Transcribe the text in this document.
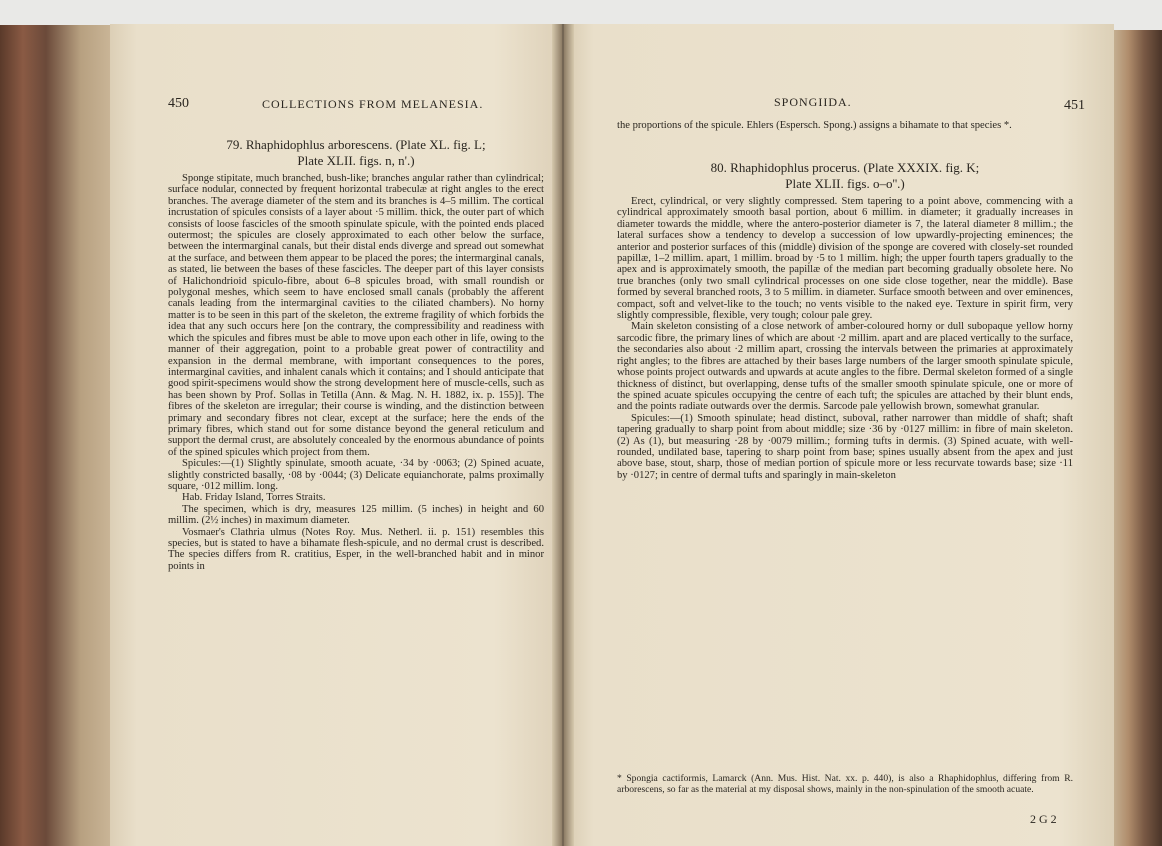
450	COLLECTIONS FROM MELANESIA.
79. Rhaphidophlus arborescens. (Plate XL. fig. L;
Plate XLII. figs. n, n'.)

Sponge stipitate, much branched, bush-like; branches angular rather than cylindrical; surface nodular, connected by frequent horizontal trabeculæ at right angles to the erect branches. The average diameter of the stem and its branches is 4–5 millim. The cortical incrustation of spicules consists of a layer about ·5 millim. thick, the outer part of which consists of loose fascicles of the smooth spinulate spicule, with the pointed ends placed outermost; the spicules are closely approximated to each other below the surface, between the intermarginal canals, but their distal ends diverge and spread out somewhat at the surface, and between them appear to be placed the pores; the intermarginal canals, as stated, lie between the bases of these fascicles. The deeper part of this layer consists of Halichondrioid spiculo-fibre, about 6–8 spicules broad, with small roundish or polygonal meshes, which seem to have enclosed small canals (probably the afferent canals leading from the intermarginal cavities to the ciliated chambers). No horny matter is to be seen in this part of the skeleton, the extreme fragility of which forbids the idea that any such occurs here [on the contrary, the compressibility and readiness with which the spicules and fibres must be able to move upon each other in life, owing to the manner of their aggregation, point to a probable great power of contractility and expansion in the dermal membrane, with important consequences to the pores, intermarginal cavities, and inhalent canals which it contains; and I should anticipate that good spirit-specimens would show the strong development here of muscle-cells, such as has been shown by Prof. Sollas in Tetilla (Ann. & Mag. N. H. 1882, ix. p. 155)]. The fibres of the skeleton are irregular; their course is winding, and the distinction between primary and secondary fibres not clear, except at the surface; here the ends of the primary fibres, which stand out for some distance beyond the general reticulum and support the dermal crust, are absolutely concealed by the enormous abundance of points of the spined spicules which project from them.

Spicules:—(1) Slightly spinulate, smooth acuate, ·34 by ·0063; (2) Spined acuate, slightly constricted basally, ·08 by ·0044; (3) Delicate equianchorate, palms proximally square, ·012 millim. long.

Hab. Friday Island, Torres Straits.

The specimen, which is dry, measures 125 millim. (5 inches) in height and 60 millim. (2½ inches) in maximum diameter.

Vosmaer's Clathria ulmus (Notes Roy. Mus. Netherl. ii. p. 151) resembles this species, but is stated to have a bihamate flesh-spicule, and no dermal crust is described. The species differs from R. cratitius, Esper, in the well-branched habit and in minor points in

SPONGIIDA.	451

the proportions of the spicule. Ehlers (Espersch. Spong.) assigns a bihamate to that species *.

80. Rhaphidophlus procerus. (Plate XXXIX. fig. K;
Plate XLII. figs. o–o''.)

Erect, cylindrical, or very slightly compressed. Stem tapering to a point above, commencing with a cylindrical approximately smooth basal portion, about 6 millim. in diameter; it gradually increases in diameter towards the middle, where the antero-posterior diameter is 7, the lateral diameter 8 millim.; the lateral surfaces show a tendency to develop a succession of low upwardly-projecting eminences; the anterior and posterior surfaces of this (middle) division of the sponge are covered with closely-set rounded papillæ, 1–2 millim. apart, 1 millim. broad by ·5 to 1 millim. high; the upper fourth tapers gradually to the apex and is approximately smooth, the papillæ of the median part becoming gradually obsolete here. No true branches (only two small cylindrical processes on one side close together, near the middle). Base formed by several branched roots, 3 to 5 millim. in diameter. Surface smooth between and over eminences, compact, soft and velvet-like to the touch; no vents visible to the naked eye. Texture in spirit firm, very slightly compressible, flexible, very tough; colour pale grey.

Main skeleton consisting of a close network of amber-coloured horny or dull subopaque yellow horny sarcodic fibre, the primary lines of which are about ·2 millim. apart and are placed vertically to the surface, the secondaries also about ·2 millim apart, crossing the intervals between the primaries at approximately right angles; to the fibres are attached by their bases large numbers of the larger smooth spinulate spicule, whose points project outwards and upwards at acute angles to the fibre. Dermal skeleton formed of a single thickness of distinct, but overlapping, dense tufts of the smaller smooth spinulate spicule, one or more of the spined acuate spicules occupying the centre of each tuft; the spicules are attached by their blunt ends, and the points radiate outwards over the dermis. Sarcode pale yellowish brown, somewhat granular.

Spicules:—(1) Smooth spinulate; head distinct, suboval, rather narrower than middle of shaft; shaft tapering gradually to sharp point from about middle; size ·36 by ·0127 millim: in fibre of main skeleton. (2) As (1), but measuring ·28 by ·0079 millim.; forming tufts in dermis. (3) Spined acuate, with well-rounded, undilated base, tapering to sharp point from base; spines usually absent from the apex and just above base, stout, sharp, those of median portion of spicule more or less recurvate towards base; size ·11 by ·0127; in centre of dermal tufts and sparingly in main-skeleton

* Spongia cactiformis, Lamarck (Ann. Mus. Hist. Nat. xx. p. 440), is also a Rhaphidophlus, differing from R. arborescens, so far as the material at my disposal shows, mainly in the non-spinulation of the smooth acuate.
2 G 2
